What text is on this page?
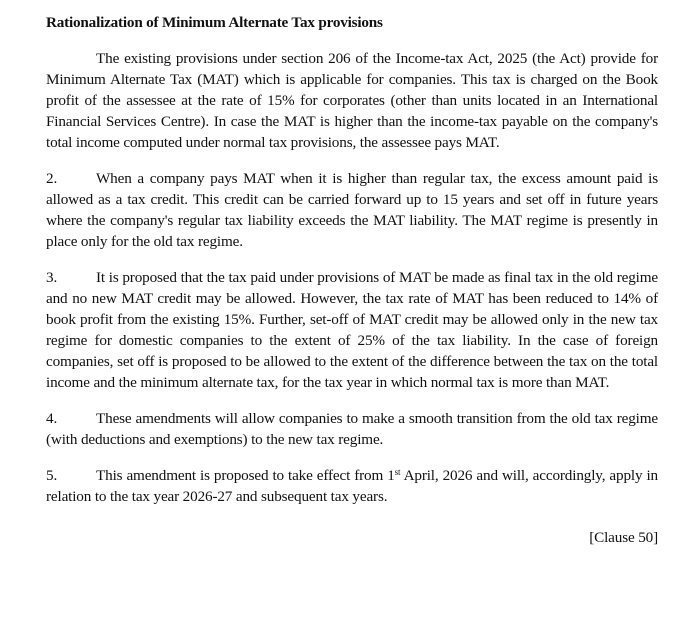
Rationalization of Minimum Alternate Tax provisions

The existing provisions under section 206 of the Income-tax Act, 2025 (the Act) provide for Minimum Alternate Tax (MAT) which is applicable for companies. This tax is charged on the Book profit of the assessee at the rate of 15% for corporates (other than units located in an International Financial Services Centre). In case the MAT is higher than the income-tax payable on the company's total income computed under normal tax provisions, the assessee pays MAT.

2.	When a company pays MAT when it is higher than regular tax, the excess amount paid is allowed as a tax credit. This credit can be carried forward up to 15 years and set off in future years where the company's regular tax liability exceeds the MAT liability. The MAT regime is presently in place only for the old tax regime.

3.	It is proposed that the tax paid under provisions of MAT be made as final tax in the old regime and no new MAT credit may be allowed. However, the tax rate of MAT has been reduced to 14% of book profit from the existing 15%. Further, set-off of MAT credit may be allowed only in the new tax regime for domestic companies to the extent of 25% of the tax liability. In the case of foreign companies, set off is proposed to be allowed to the extent of the difference between the tax on the total income and the minimum alternate tax, for the tax year in which normal tax is more than MAT.

4.	These amendments will allow companies to make a smooth transition from the old tax regime (with deductions and exemptions) to the new tax regime.

5.	This amendment is proposed to take effect from 1st April, 2026 and will, accordingly, apply in relation to the tax year 2026-27 and subsequent tax years.

[Clause 50]
